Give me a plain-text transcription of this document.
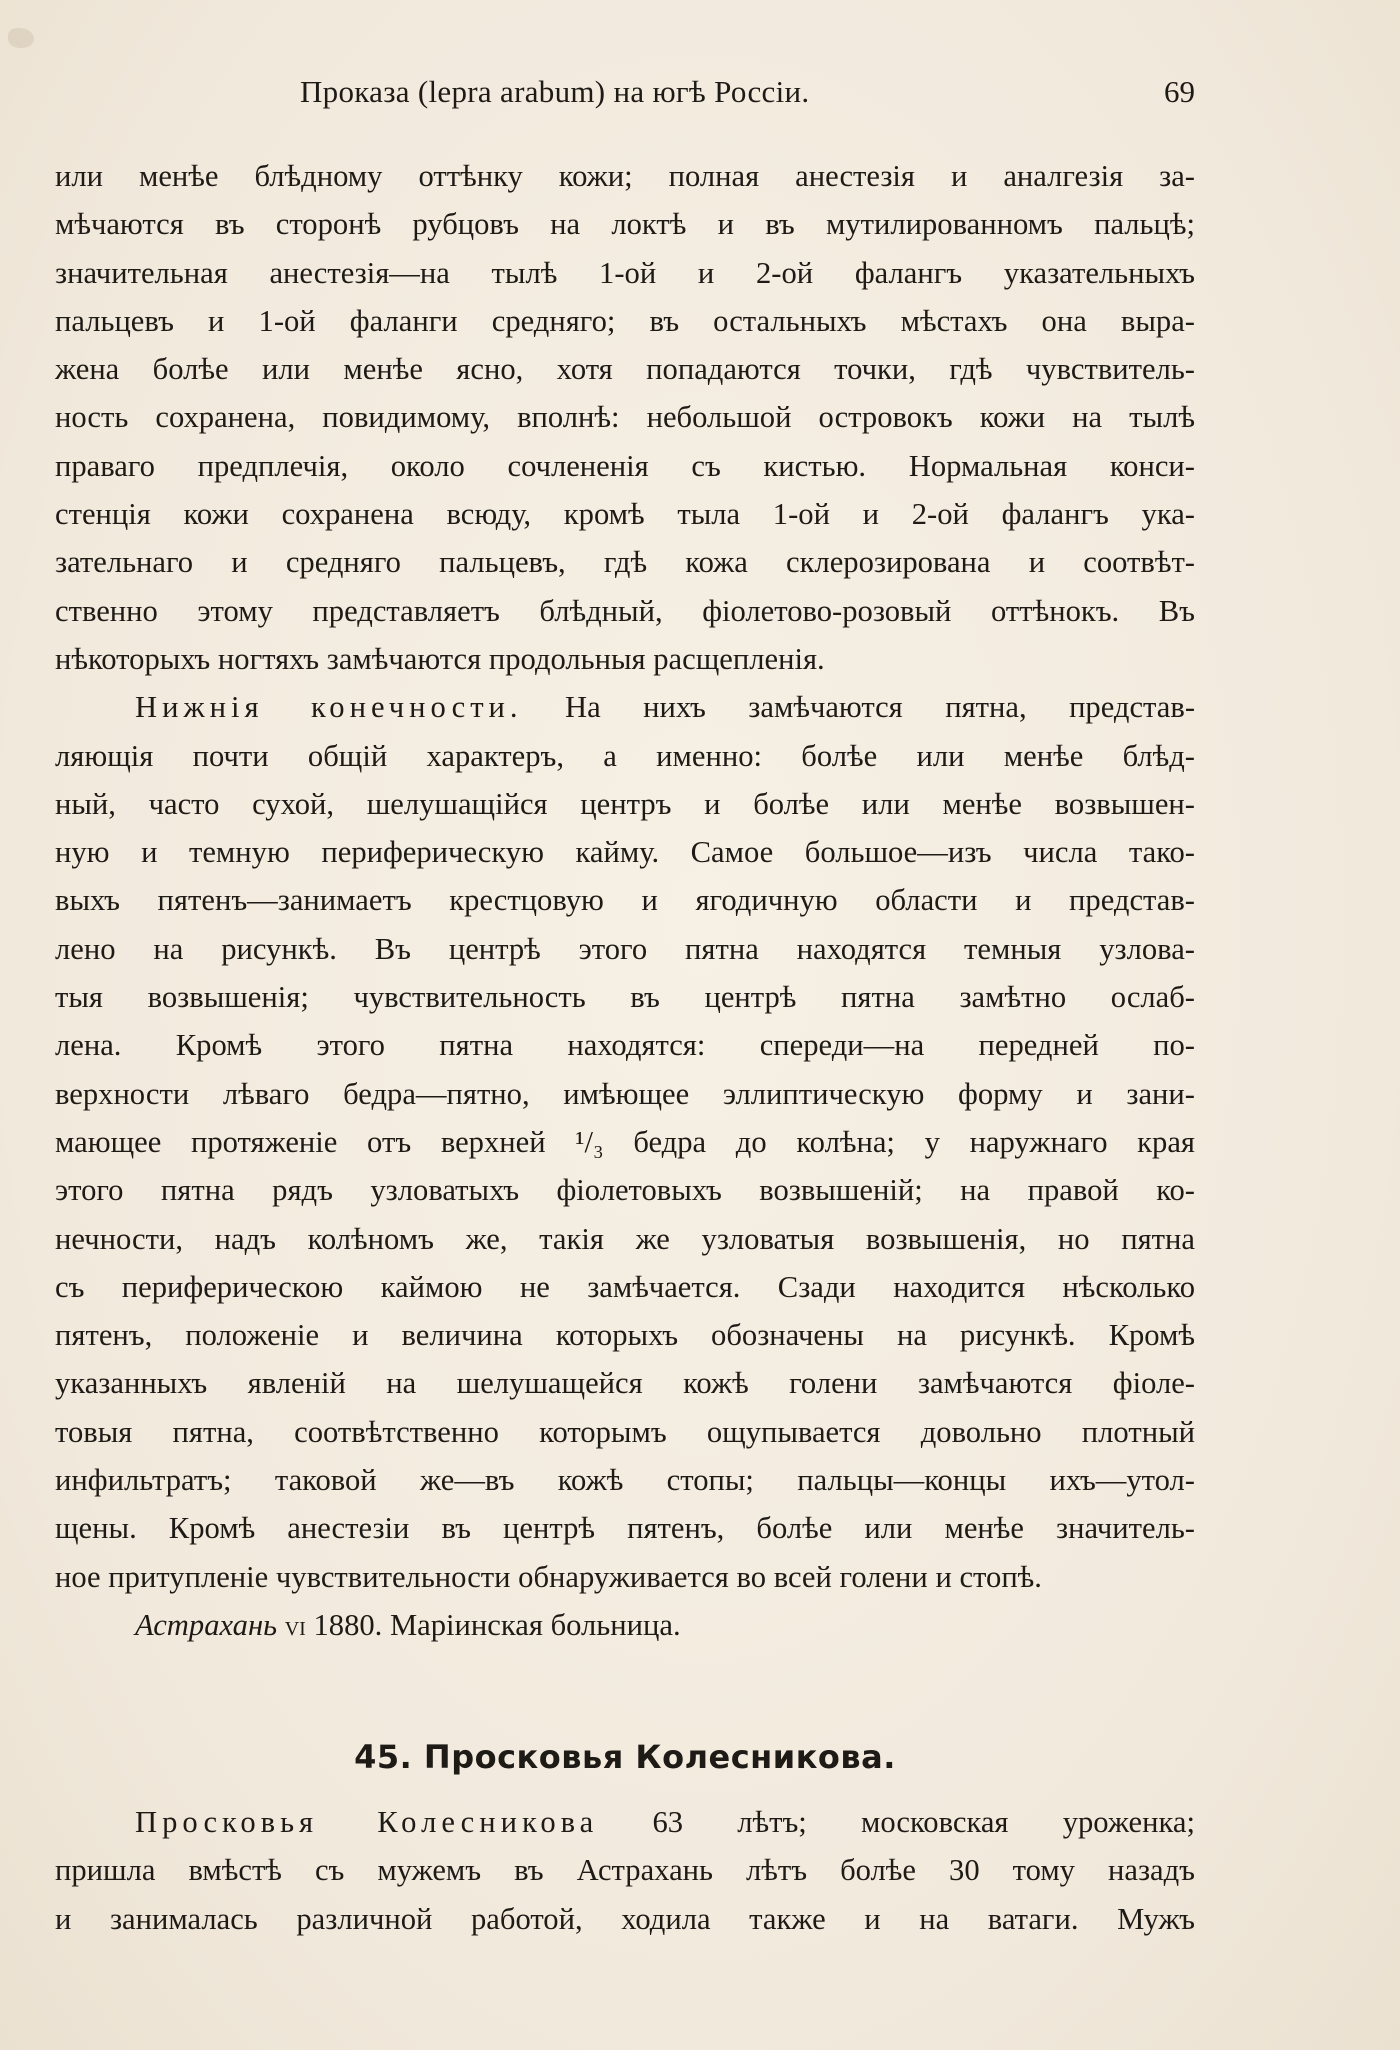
Проказа (lepra arabum) на югѣ Россiи.	69

или менѣе блѣдному оттѣнку кожи; полная анестезія и аналгезія за-

мѣчаются въ сторонѣ рубцовъ на локтѣ и въ мутилированномъ пальцѣ;

значительная анестезія—на тылѣ 1-ой и 2-ой фалангъ указательныхъ

пальцевъ и 1-ой фаланги средняго; въ остальныхъ мѣстахъ она выра-

жена болѣе или менѣе ясно, хотя попадаются точки, гдѣ чувствитель-

ность сохранена, повидимому, вполнѣ: небольшой островокъ кожи на тылѣ

праваго предплечія, около сочлененія съ кистью. Нормальная конси-

стенція кожи сохранена всюду, кромѣ тыла 1-ой и 2-ой фалангъ ука-

зательнаго и средняго пальцевъ, гдѣ кожа склерозирована и соотвѣт-

ственно этому представляетъ блѣдный, фіолетово-розовый оттѣнокъ. Въ

нѣкоторыхъ ногтяхъ замѣчаются продольныя расщепленія.

Нижнія конечности. На нихъ замѣчаются пятна, представ-

ляющія почти общій характеръ, а именно: болѣе или менѣе блѣд-

ный, часто сухой, шелушащійся центръ и болѣе или менѣе возвышен-

ную и темную периферическую кайму. Самое большое—изъ числа тако-

выхъ пятенъ—занимаетъ крестцовую и ягодичную области и представ-

лено на рисункѣ. Въ центрѣ этого пятна находятся темныя узлова-

тыя возвышенія; чувствительность въ центрѣ пятна замѣтно ослаб-

лена. Кромѣ этого пятна находятся: спереди—на передней по-

верхности лѣваго бедра—пятно, имѣющее эллиптическую форму и зани-

мающее протяженіе отъ верхней ¹/₃ бедра до колѣна; у наружнаго края

этого пятна рядъ узловатыхъ фіолетовыхъ возвышеній; на правой ко-

нечности, надъ колѣномъ же, такія же узловатыя возвышенія, но пятна

съ периферическою каймою не замѣчается. Сзади находится нѣсколько

пятенъ, положеніе и величина которыхъ обозначены на рисункѣ. Кромѣ

указанныхъ явленій на шелушащейся кожѣ голени замѣчаются фіоле-

товыя пятна, соотвѣтственно которымъ ощупывается довольно плотный

инфильтратъ; таковой же—въ кожѣ стопы; пальцы—концы ихъ—утол-

щены. Кромѣ анестезіи въ центрѣ пятенъ, болѣе или менѣе значитель-

ное притупленіе чувствительности обнаруживается во всей голени и стопѣ.

Астрахань VI 1880. Маріинская больница.

45. Просковья Колесникова.

Просковья Колесникова 63 лѣтъ; московская уроженка;

пришла вмѣстѣ съ мужемъ въ Астрахань лѣтъ болѣе 30 тому назадъ

и занималась различной работой, ходила также и на ватаги. Мужъ
